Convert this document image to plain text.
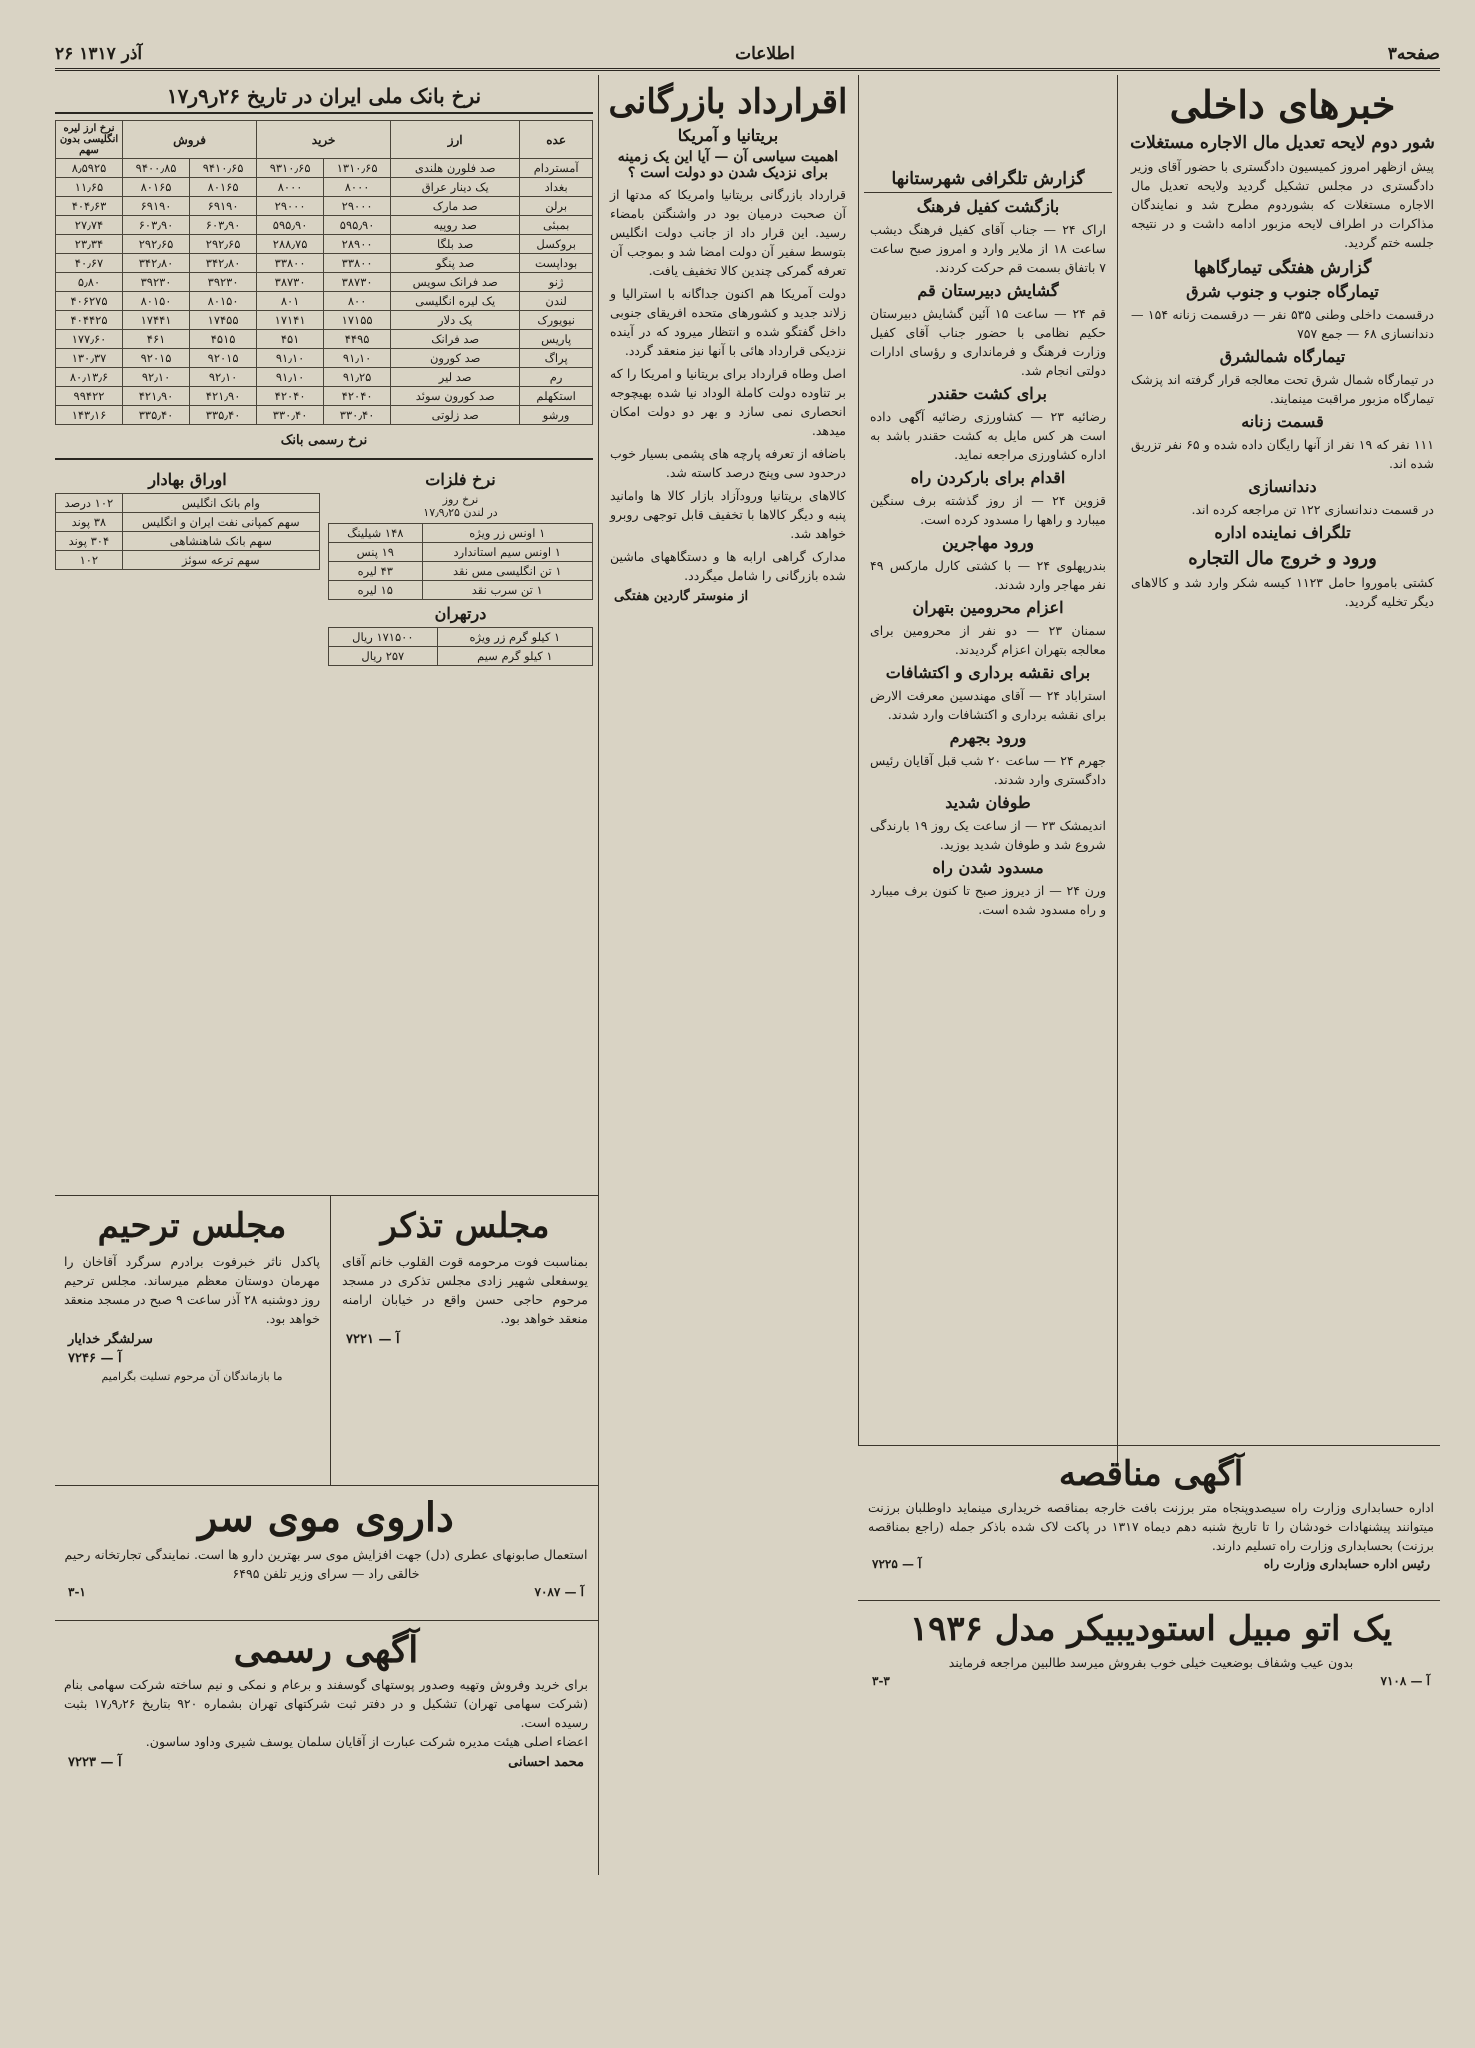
۲۶ آذر ۱۳۱۷	اطلاعات	صفحه۳
خبرهای داخلی
شور دوم لایحه تعدیل مال الاجاره مستغلات

پیش ازظهر امروز کمیسیون دادگستری با حضور آقای وزیر دادگستری در مجلس تشکیل گردید ولایحه تعدیل مال الاجاره مستغلات که بشوردوم مطرح شد و نمایندگان مذاکرات در اطراف لایحه مزبور ادامه داشت و در نتیجه جلسه ختم گردید.

گزارش هفتگی تیمارگاهها
تیمارگاه جنوب و جنوب شرق

درقسمت داخلی وطنی ۵۳۵ نفر — درقسمت زنانه ۱۵۴ — دندانسازی ۶۸ — جمع ۷۵۷

تیمارگاه شمالشرق

در تیمارگاه شمال شرق تحت معالجه قرار گرفته اند پزشک تیمارگاه مزبور مراقبت مینمایند.

قسمت زنانه

۱۱۱ نفر که ۱۹ نفر از آنها رایگان داده شده و ۶۵ نفر تزریق شده اند.

دندانسازی

در قسمت دندانسازی ۱۲۲ تن مراجعه کرده اند.

تلگراف نماینده اداره
ورود و خروج مال التجاره

کشتی باموروا حامل ۱۱۲۳ کیسه شکر وارد شد و کالاهای دیگر تخلیه گردید.

گزارش تلگرافی شهرستانها
بازگشت کفیل فرهنگ

اراک ۲۴ — جناب آقای کفیل فرهنگ دیشب ساعت ۱۸ از ملایر وارد و امروز صبح ساعت ۷ باتفاق بسمت قم حرکت کردند.

گشایش دبیرستان قم

قم ۲۴ — ساعت ۱۵ آئین گشایش دبیرستان حکیم نظامی با حضور جناب آقای کفیل وزارت فرهنگ و فرمانداری و رؤسای ادارات دولتی انجام شد.

برای کشت حقندر

رضائیه ۲۳ — کشاورزی رضائیه آگهی داده است هر کس مایل به کشت حقندر باشد به اداره کشاورزی مراجعه نماید.

اقدام برای بارکردن راه

قزوین ۲۴ — از روز گذشته برف سنگین میبارد و راهها را مسدود کرده است.

ورود مهاجرین

بندرپهلوی ۲۴ — با کشتی کارل مارکس ۴۹ نفر مهاجر وارد شدند.

اعزام محرومین بتهران

سمنان ۲۳ — دو نفر از محرومین برای معالجه بتهران اعزام گردیدند.

برای نقشه برداری و اکتشافات

استراباد ۲۴ — آقای مهندسین معرفت الارض برای نقشه برداری و اکتشافات وارد شدند.

ورود بجهرم

جهرم ۲۴ — ساعت ۲۰ شب قبل آقایان رئیس دادگستری وارد شدند.

طوفان شدید

اندیمشک ۲۳ — از ساعت یک روز ۱۹ بارندگی شروع شد و طوفان شدید بوزید.

مسدود شدن راه

ورن ۲۴ — از دیروز صبح تا کنون برف میبارد و راه مسدود شده است.

اقرارداد بازرگانی
بریتانیا و آمریکا
اهمیت سیاسی آن — آیا این یک زمینه برای نزدیک شدن دو دولت است ؟

قرارداد بازرگانی بریتانیا وامریکا که مدتها از آن صحبت درمیان بود در واشنگتن بامضاء رسید. این قرار داد از جانب دولت انگلیس بتوسط سفیر آن دولت امضا شد و بموجب آن تعرفه گمرکی چندین کالا تخفیف یافت.

دولت آمریکا هم اکنون جداگانه با استرالیا و زلاند جدید و کشورهای متحده افریقای جنوبی داخل گفتگو شده و انتظار میرود که در آینده نزدیکی قرارداد هائی با آنها نیز منعقد گردد.

اصل وطاه قرارداد برای بریتانیا و امریکا را که بر تناوده دولت کاملة الوداد نیا شده بهیچوجه انحصاری نمی سازد و بهر دو دولت امکان میدهد.

باضافه از تعرفه پارچه های پشمی بسیار خوب درحدود سی وپنج درصد کاسته شد.

کالاهای بریتانیا ورودآزاد بازار کالا ها وامانید پنبه و دیگر کالاها با تخفیف قابل توجهی روبرو خواهد شد.

مدارک گراهی ارابه ها و دستگاههای ماشین شده بازرگانی را شامل میگردد.

از منوستر گاردین هفتگی
نرخ بانک ملی ایران در تاریخ ۲۶ر۹ر۱۷
عده	ارز	خرید		فروش		نرخ ارز لیره انگلیسی بدون سهم
آمستردام	صد فلورن هلندی	۱۳۱۰٫۶۵	۹۳۱۰٫۶۵	۹۴۱۰٫۶۵	۹۴۰۰٫۸۵	۸٫۵۹۲۵
بغداد	یک دینار عراق	۸۰۰۰	۸۰۰۰	۸۰۱۶۵	۸۰۱۶۵	۱۱٫۶۵
برلن	صد مارک	۲۹۰۰۰	۲۹۰۰۰	۶۹۱۹۰	۶۹۱۹۰	۴۰۴٫۶۳
بمبئی	صد روپیه	۵۹۵٫۹۰	۵۹۵٫۹۰	۶۰۳٫۹۰	۶۰۳٫۹۰	۲۷٫۷۴
بروکسل	صد بلگا	۲۸۹۰۰	۲۸۸٫۷۵	۲۹۲٫۶۵	۲۹۲٫۶۵	۲۳٫۳۴
بوداپست	صد پنگو	۳۳۸۰۰	۳۳۸۰۰	۳۴۲٫۸۰	۳۴۲٫۸۰	۴۰٫۶۷
ژنو	صد فرانک سویس	۳۸۷۳۰	۳۸۷۳۰	۳۹۲۳۰	۳۹۲۳۰	۵٫۸۰
لندن	یک لیره انگلیسی	۸۰۰	۸۰۱	۸۰۱۵۰	۸۰۱۵۰	۴۰۶۲۷۵
نیویورک	یک دلار	۱۷۱۵۵	۱۷۱۴۱	۱۷۴۵۵	۱۷۴۴۱	۴۰۴۴۲۵
پاریس	صد فرانک	۴۴۹۵	۴۵۱	۴۵۱۵	۴۶۱	۱۷۷٫۶۰
پراگ	صد کورون	۹۱٫۱۰	۹۱٫۱۰	۹۲۰۱۵	۹۲۰۱۵	۱۳۰٫۳۷
رم	صد لیر	۹۱٫۲۵	۹۱٫۱۰	۹۲٫۱۰	۹۲٫۱۰	۸۰٫۱۳٫۶
استکهلم	صد کورون سوئد	۴۲۰۴۰	۴۲۰۴۰	۴۲۱٫۹۰	۴۲۱٫۹۰	۹۹۴۲۲
ورشو	صد زلوتی	۳۳۰٫۴۰	۳۳۰٫۴۰	۳۳۵٫۴۰	۳۳۵٫۴۰	۱۴۳٫۱۶
نرخ رسمی بانک
نرخ فلزات
نرخ روز
در لندن ۱۷٫۹٫۲۵
۱ اونس زر ویژه	۱۴۸ شیلینگ
۱ اونس سیم استاندارد	۱۹ پنس
۱ تن انگلیسی مس نقد	۴۳ لیره
۱ تن سرب نقد	۱۵ لیره
درتهران
۱ کیلو گرم زر ویژه	۱۷۱۵۰۰ ریال
۱ کیلو گرم سیم	۲۵۷ ریال
اوراق بهادار
وام بانک انگلیس	۱۰۲ درصد
سهم کمپانی نفت ایران و انگلیس	۳۸ پوند
سهم بانک شاهنشاهی	۳۰۴ پوند
سهم ترعه سوئز	۱۰۲
مجلس تذکر

بمناسبت فوت مرحومه قوت القلوب خانم آقای یوسفعلی شهیر زادی مجلس تذکری در مسجد مرحوم حاجی حسن واقع در خیابان ارامنه منعقد خواهد بود.

آ — ۷۲۲۱
مجلس ترحیم

پاکدل ناثر خبرفوت برادرم سرگرد آقاخان را مهرمان دوستان معظم میرساند. مجلس ترحیم روز دوشنبه ۲۸ آذر ساعت ۹ صبح در مسجد منعقد خواهد بود.

سرلشگر خدایار
آ — ۷۲۴۶
ما بازماندگان آن مرحوم تسلیت بگرامیم
داروی موی سر

استعمال صابونهای عطری (دل) جهت افزایش موی سر بهترین دارو ها است. نمایندگی تجارتخانه رحیم خالقی راد — سرای وزیر تلفن ۶۴۹۵

آ — ۷۰۸۷
۳-۱
آگهی رسمی

برای خرید وفروش وتهیه وصدور پوستهای گوسفند و برعام و نمکی و نیم ساخته شرکت سهامی بنام (شرکت سهامی تهران) تشکیل و در دفتر ثبت شرکتهای تهران بشماره ۹۲۰ بتاریخ ۱۷٫۹٫۲۶ بثبت رسیده است.

اعضاء اصلی هیئت مدیره شرکت عبارت از آقایان سلمان یوسف شیری وداود ساسون.

محمد احسانی
آ — ۷۲۲۳
آگهی مناقصه

اداره حسابداری وزارت راه سیصدوپنجاه متر برزنت بافت خارجه بمناقصه خریداری مینماید داوطلبان برزنت میتوانند پیشنهادات خودشان را تا تاریخ شنبه دهم دیماه ۱۳۱۷ در پاکت لاک شده باذکر جمله (راجع بمناقصه برزنت) بحسابداری وزارت راه تسلیم دارند.

رئیس اداره حسابداری وزارت راه
آ — ۷۲۲۵
یک اتو مبیل استودیبیکر مدل ۱۹۳۶

بدون عیب وشفاف بوضعیت خیلی خوب بفروش میرسد طالبین مراجعه فرمایند

آ — ۷۱۰۸
۳-۳
